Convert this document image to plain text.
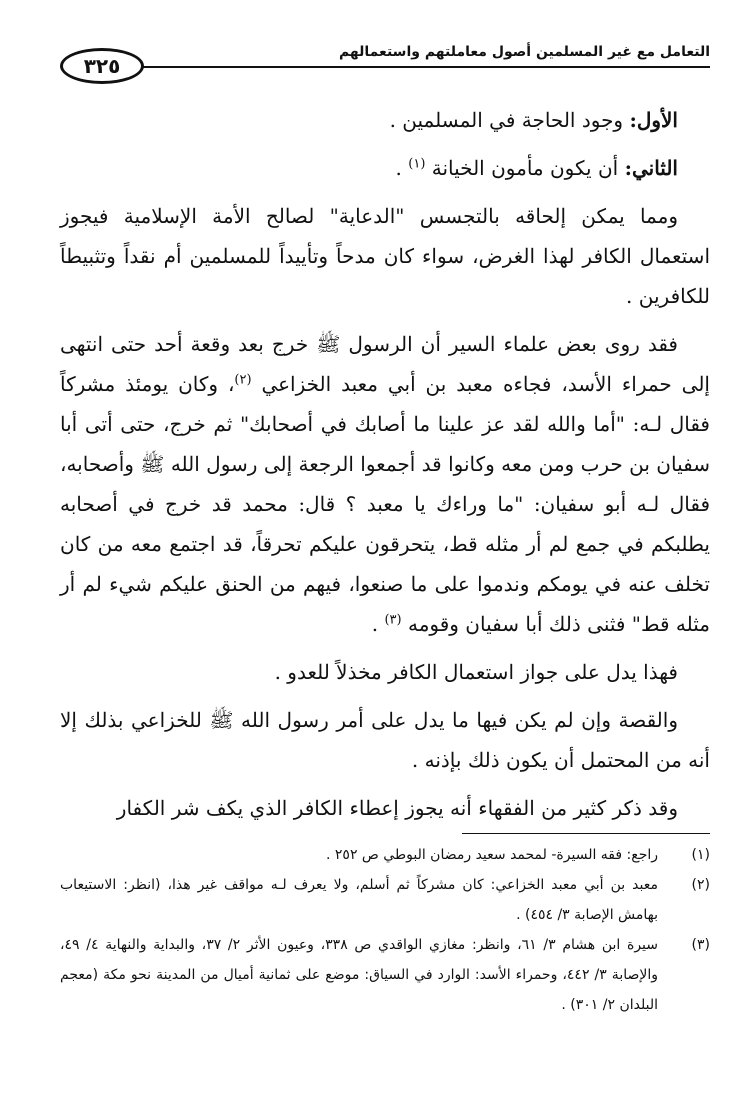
التعامل مع غير المسلمين أصول معاملتهم واستعمالهم
٣٢٥

الأول: وجود الحاجة في المسلمين .

الثاني: أن يكون مأمون الخيانة $^{(١)}$ .

ومما يمكن إلحاقه بالتجسس "الدعاية" لصالح الأمة الإسلامية فيجوز استعمال الكافر لهذا الغرض، سواء كان مدحاً وتأييداً للمسلمين أم نقداً وتثبيطاً للكافرين .

فقد روى بعض علماء السير أن الرسول ﷺ خرج بعد وقعة أحد حتى انتهى إلى حمراء الأسد، فجاءه معبد بن أبي معبد الخزاعي $^{(٢)}$، وكان يومئذ مشركاً فقال لـه: "أما والله لقد عز علينا ما أصابك في أصحابك" ثم خرج، حتى أتى أبا سفيان بن حرب ومن معه وكانوا قد أجمعوا الرجعة إلى رسول الله ﷺ وأصحابه، فقال لـه أبو سفيان: "ما وراءك يا معبد ؟ قال: محمد قد خرج في أصحابه يطلبكم في جمع لم أر مثله قط، يتحرقون عليكم تحرقاً، قد اجتمع معه من كان تخلف عنه في يومكم وندموا على ما صنعوا، فيهم من الحنق عليكم شيء لم أر مثله قط" فثنى ذلك أبا سفيان وقومه $^{(٣)}$ .

فهذا يدل على جواز استعمال الكافر مخذلاً للعدو .

والقصة وإن لم يكن فيها ما يدل على أمر رسول الله ﷺ للخزاعي بذلك إلا أنه من المحتمل أن يكون ذلك بإذنه .

وقد ذكر كثير من الفقهاء أنه يجوز إعطاء الكافر الذي يكف شر الكفار

(١)
راجع: فقه السيرة- لمحمد سعيد رمضان البوطي ص ٢٥٢ .
(٢)
معبد بن أبي معبد الخزاعي: كان مشركاً ثم أسلم، ولا يعرف لـه مواقف غير هذا، (انظر: الاستيعاب بهامش الإصابة ٣/ ٤٥٤) .
(٣)
سيرة ابن هشام ٣/ ٦١، وانظر: مغازي الواقدي ص ٣٣٨، وعيون الأثر ٢/ ٣٧، والبداية والنهاية ٤/ ٤٩، والإصابة ٣/ ٤٤٢، وحمراء الأسد: الوارد في السياق: موضع على ثمانية أميال من المدينة نحو مكة (معجم البلدان ٢/ ٣٠١) .
